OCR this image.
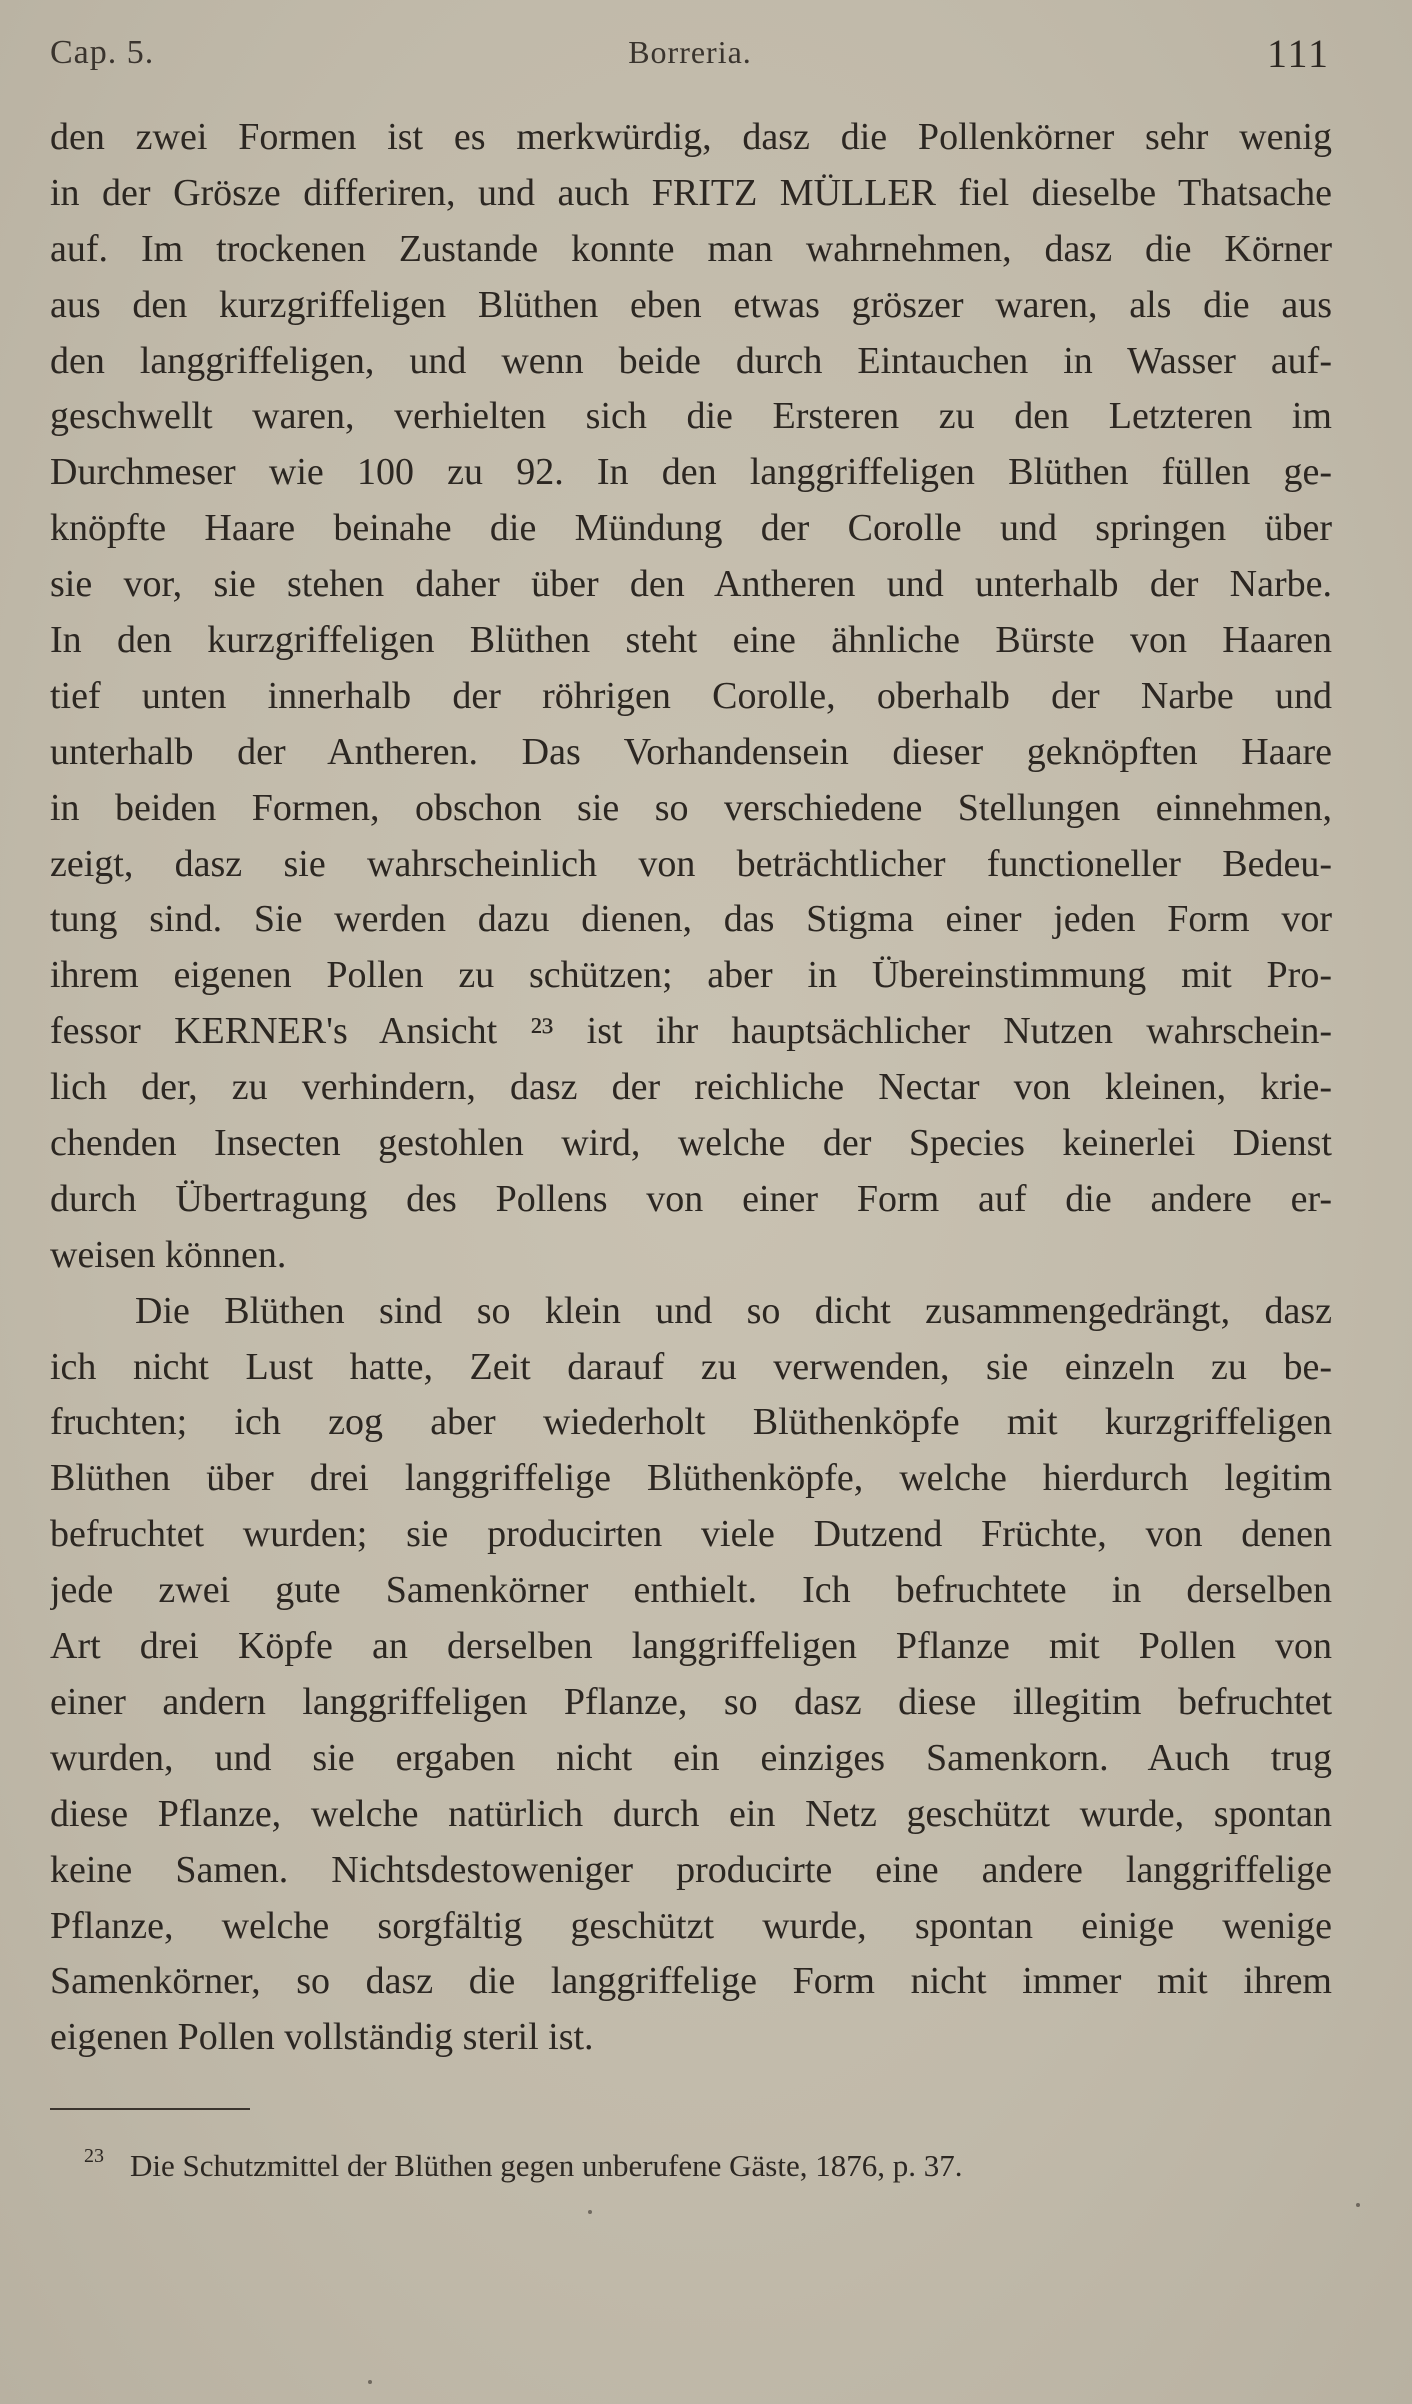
Cap. 5.	Borreria.	111
den zwei Formen ist es merkwürdig, dasz die Pollenkörner sehr wenig
in der Grösze differiren, und auch FRITZ MÜLLER fiel dieselbe Thatsache
auf. Im trockenen Zustande konnte man wahrnehmen, dasz die Körner
aus den kurzgriffeligen Blüthen eben etwas gröszer waren, als die aus
den langgriffeligen, und wenn beide durch Eintauchen in Wasser auf-
geschwellt waren, verhielten sich die Ersteren zu den Letzteren im
Durchmeser wie 100 zu 92. In den langgriffeligen Blüthen füllen ge-
knöpfte Haare beinahe die Mündung der Corolle und springen über
sie vor, sie stehen daher über den Antheren und unterhalb der Narbe.
In den kurzgriffeligen Blüthen steht eine ähnliche Bürste von Haaren
tief unten innerhalb der röhrigen Corolle, oberhalb der Narbe und
unterhalb der Antheren. Das Vorhandensein dieser geknöpften Haare
in beiden Formen, obschon sie so verschiedene Stellungen einnehmen,
zeigt, dasz sie wahrscheinlich von beträchtlicher functioneller Bedeu-
tung sind. Sie werden dazu dienen, das Stigma einer jeden Form vor
ihrem eigenen Pollen zu schützen; aber in Übereinstimmung mit Pro-
fessor KERNER's Ansicht ²³ ist ihr hauptsächlicher Nutzen wahrschein-
lich der, zu verhindern, dasz der reichliche Nectar von kleinen, krie-
chenden Insecten gestohlen wird, welche der Species keinerlei Dienst
durch Übertragung des Pollens von einer Form auf die andere er-
weisen können.
Die Blüthen sind so klein und so dicht zusammengedrängt, dasz
ich nicht Lust hatte, Zeit darauf zu verwenden, sie einzeln zu be-
fruchten; ich zog aber wiederholt Blüthenköpfe mit kurzgriffeligen
Blüthen über drei langgriffelige Blüthenköpfe, welche hierdurch legitim
befruchtet wurden; sie producirten viele Dutzend Früchte, von denen
jede zwei gute Samenkörner enthielt. Ich befruchtete in derselben
Art drei Köpfe an derselben langgriffeligen Pflanze mit Pollen von
einer andern langgriffeligen Pflanze, so dasz diese illegitim befruchtet
wurden, und sie ergaben nicht ein einziges Samenkorn. Auch trug
diese Pflanze, welche natürlich durch ein Netz geschützt wurde, spontan
keine Samen. Nichtsdestoweniger producirte eine andere langgriffelige
Pflanze, welche sorgfältig geschützt wurde, spontan einige wenige
Samenkörner, so dasz die langgriffelige Form nicht immer mit ihrem
eigenen Pollen vollständig steril ist.
23 Die Schutzmittel der Blüthen gegen unberufene Gäste, 1876, p. 37.
